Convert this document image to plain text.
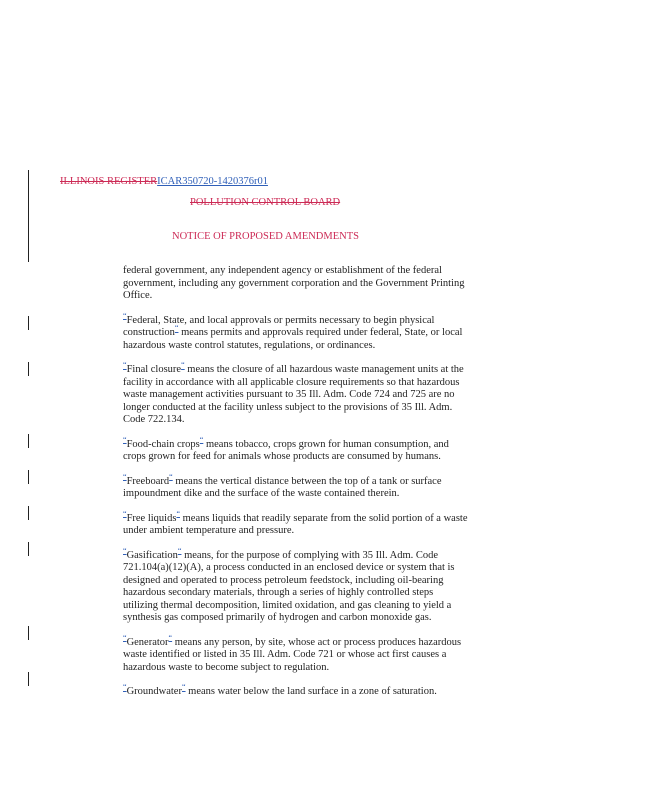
ILLINOIS REGISTERICAR350720-1420376r01
POLLUTION CONTROL BOARD
NOTICE OF PROPOSED AMENDMENTS

federal government, any independent agency or establishment of the federal government, including any government corporation and the Government Printing Office.

“Federal, State, and local approvals or permits necessary to begin physical construction“ means permits and approvals required under federal, State, or local hazardous waste control statutes, regulations, or ordinances.

“Final closure“ means the closure of all hazardous waste management units at the facility in accordance with all applicable closure requirements so that hazardous waste management activities pursuant to 35 Ill. Adm. Code 724 and 725 are no longer conducted at the facility unless subject to the provisions of 35 Ill. Adm. Code 722.134.

“Food-chain crops“ means tobacco, crops grown for human consumption, and crops grown for feed for animals whose products are consumed by humans.

“Freeboard“ means the vertical distance between the top of a tank or surface impoundment dike and the surface of the waste contained therein.

“Free liquids“ means liquids that readily separate from the solid portion of a waste under ambient temperature and pressure.

“Gasification“ means, for the purpose of complying with 35 Ill. Adm. Code 721.104(a)(12)(A), a process conducted in an enclosed device or system that is designed and operated to process petroleum feedstock, including oil-bearing hazardous secondary materials, through a series of highly controlled steps utilizing thermal decomposition, limited oxidation, and gas cleaning to yield a synthesis gas composed primarily of hydrogen and carbon monoxide gas.

“Generator“ means any person, by site, whose act or process produces hazardous waste identified or listed in 35 Ill. Adm. Code 721 or whose act first causes a hazardous waste to become subject to regulation.

“Groundwater“ means water below the land surface in a zone of saturation.
